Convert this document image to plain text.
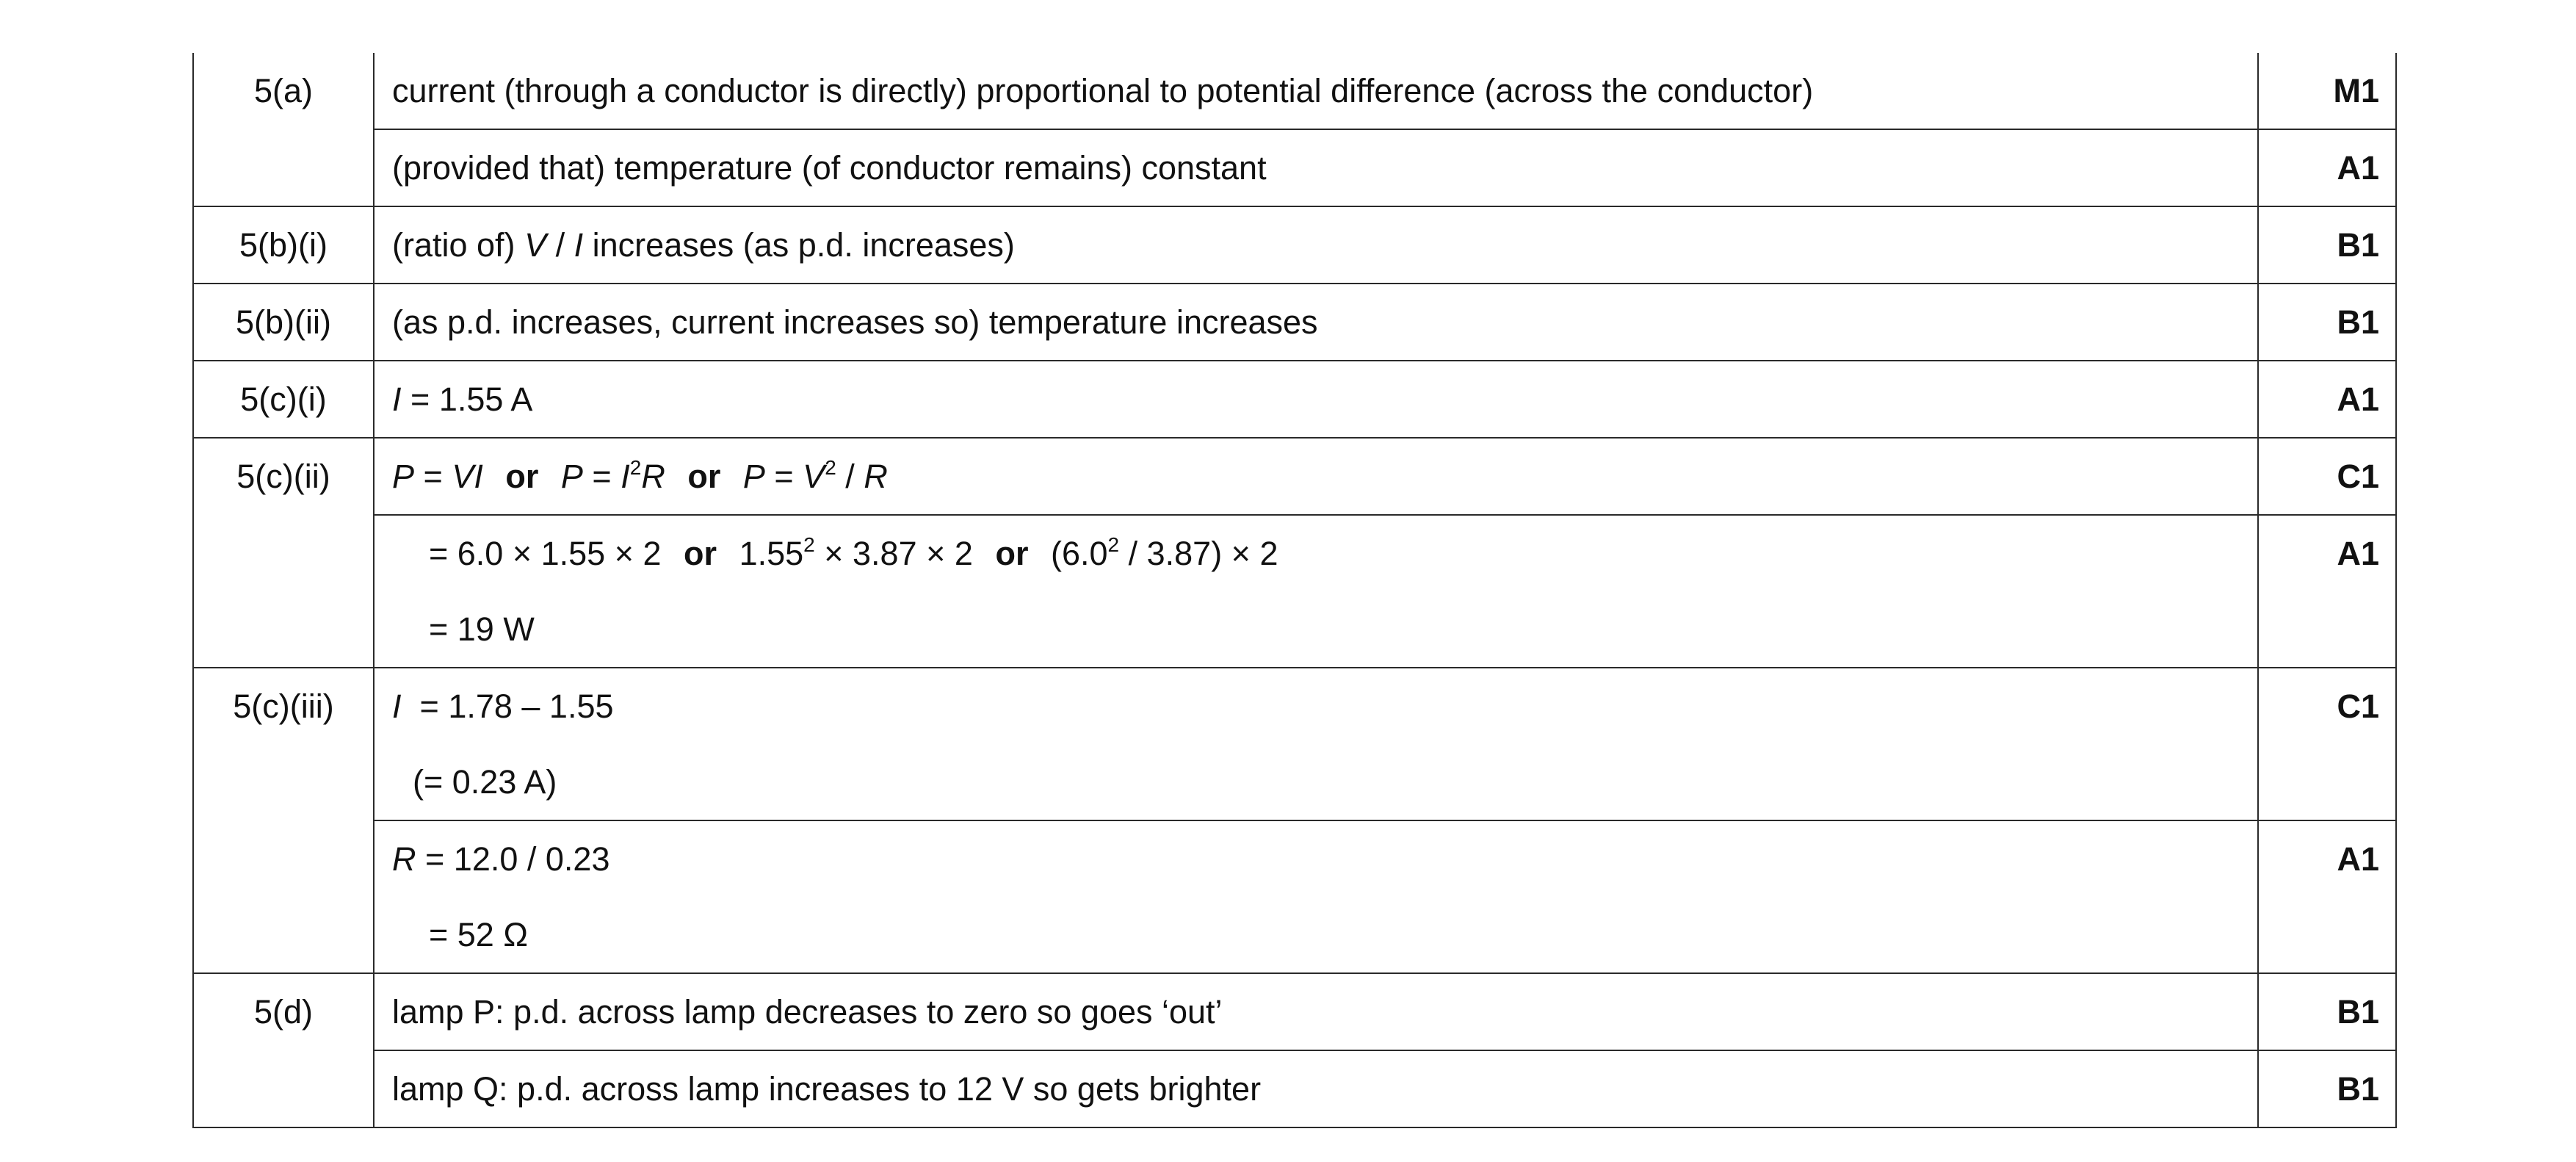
5(a)	current (through a conductor is directly) proportional to potential difference (across the conductor)	M1

	(provided that) temperature (of conductor remains) constant	A1

5(b)(i)	(ratio of) V / I increases (as p.d. increases)	B1

5(b)(ii)	(as p.d. increases, current increases so) temperature increases	B1

5(c)(i)	I = 1.55 A	A1

5(c)(ii)	P = VI or $P = I^2R$ or $P = V^2 / R$	C1

	= 6.0 × 1.55 × 2 or $1.55^2 \times 3.87 \times 2$ or $(6.0^2 / 3.87) \times 2$
= 19 W	A1

5(c)(iii)	I = 1.78 – 1.55
(= 0.23 A)	C1

	R = 12.0 / 0.23
= 52 Ω	A1

5(d)	lamp P: p.d. across lamp decreases to zero so goes ‘out’	B1

	lamp Q: p.d. across lamp increases to 12 V so gets brighter	B1
